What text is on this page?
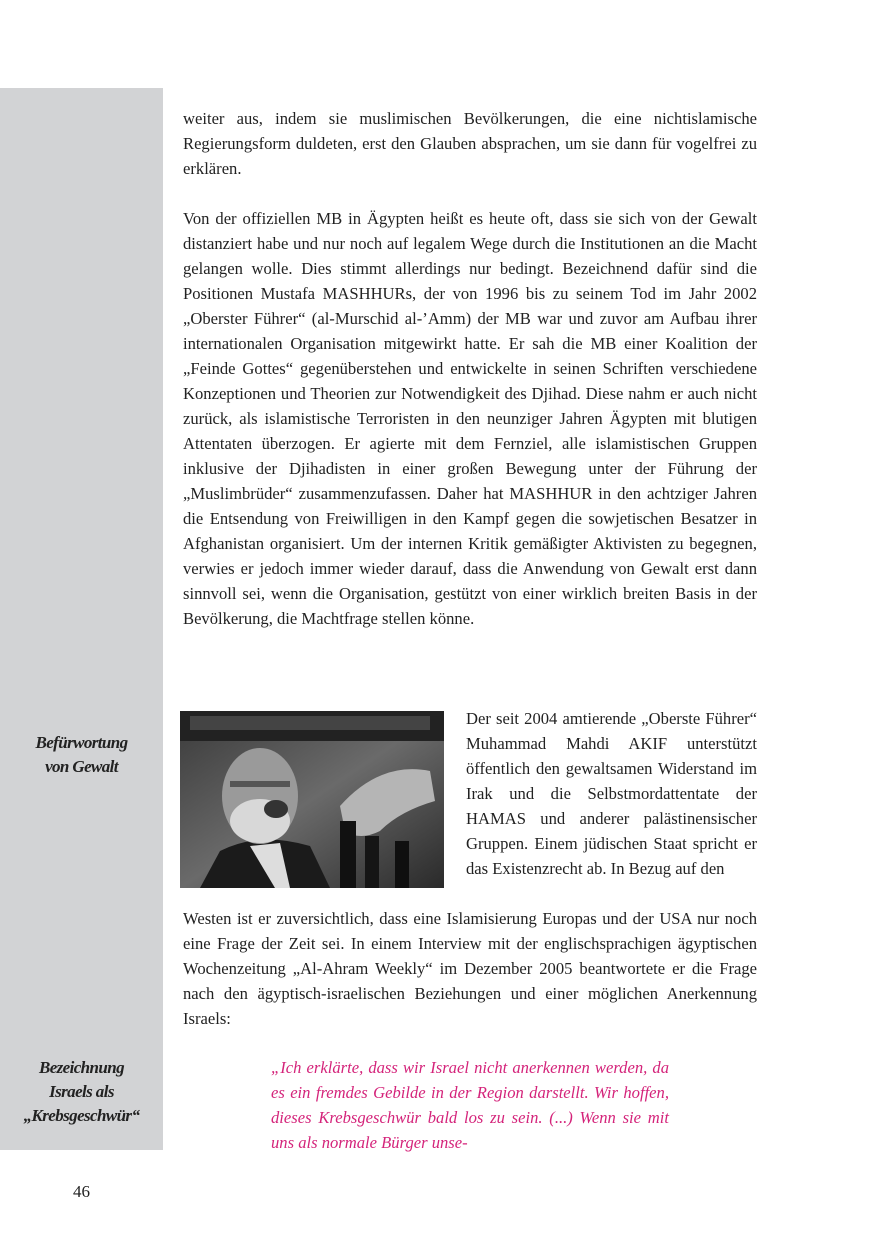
Befürwortung
von Gewalt
Bezeichnung
Israels als
„Krebsgeschwür“

weiter aus, indem sie muslimischen Bevölkerungen, die eine nichtislamische Regierungsform duldeten, erst den Glauben absprachen, um sie dann für vogelfrei zu erklären.

Von der offiziellen MB in Ägypten heißt es heute oft, dass sie sich von der Gewalt distanziert habe und nur noch auf legalem Wege durch die Institutionen an die Macht gelangen wolle. Dies stimmt allerdings nur bedingt. Bezeichnend dafür sind die Positionen Mustafa MASHHURs, der von 1996 bis zu seinem Tod im Jahr 2002 „Oberster Führer“ (al-Murschid al-’Amm) der MB war und zuvor am Aufbau ihrer internationalen Organisation mitgewirkt hatte. Er sah die MB einer Koalition der „Feinde Gottes“ gegenüberstehen und entwickelte in seinen Schriften verschiedene Konzeptionen und Theorien zur Notwendigkeit des Djihad. Diese nahm er auch nicht zurück, als islamistische Terroristen in den neunziger Jahren Ägypten mit blutigen Attentaten überzogen. Er agierte mit dem Fernziel, alle islamistischen Gruppen inklusive der Djihadisten in einer großen Bewegung unter der Führung der „Muslimbrüder“ zusammenzufassen. Daher hat MASHHUR in den achtziger Jahren die Entsendung von Freiwilligen in den Kampf gegen die sowjetischen Besatzer in Afghanistan organisiert. Um der internen Kritik gemäßigter Aktivisten zu begegnen, verwies er jedoch immer wieder darauf, dass die Anwendung von Gewalt erst dann sinnvoll sei, wenn die Organisation, gestützt von einer wirklich breiten Basis in der Bevölkerung, die Machtfrage stellen könne.

Der seit 2004 amtierende „Oberste Führer“ Muhammad Mahdi AKIF unterstützt öffentlich den gewaltsamen Widerstand im Irak und die Selbstmordattentate der HAMAS und anderer palästinensischer Gruppen. Einem jüdischen Staat spricht er das Existenzrecht ab. In Bezug auf den
Westen ist er zuversichtlich, dass eine Islamisierung Europas und der USA nur noch eine Frage der Zeit sei. In einem Interview mit der englischsprachigen ägyptischen Wochenzeitung „Al-Ahram Weekly“ im Dezember 2005 beantwortete er die Frage nach den ägyptisch-israelischen Beziehungen und einer möglichen Anerkennung Israels:
„Ich erklärte, dass wir Israel nicht anerkennen werden, da es ein fremdes Gebilde in der Region darstellt. Wir hoffen, dieses Krebsgeschwür bald los zu sein. (...) Wenn sie mit uns als normale Bürger unse-
46
